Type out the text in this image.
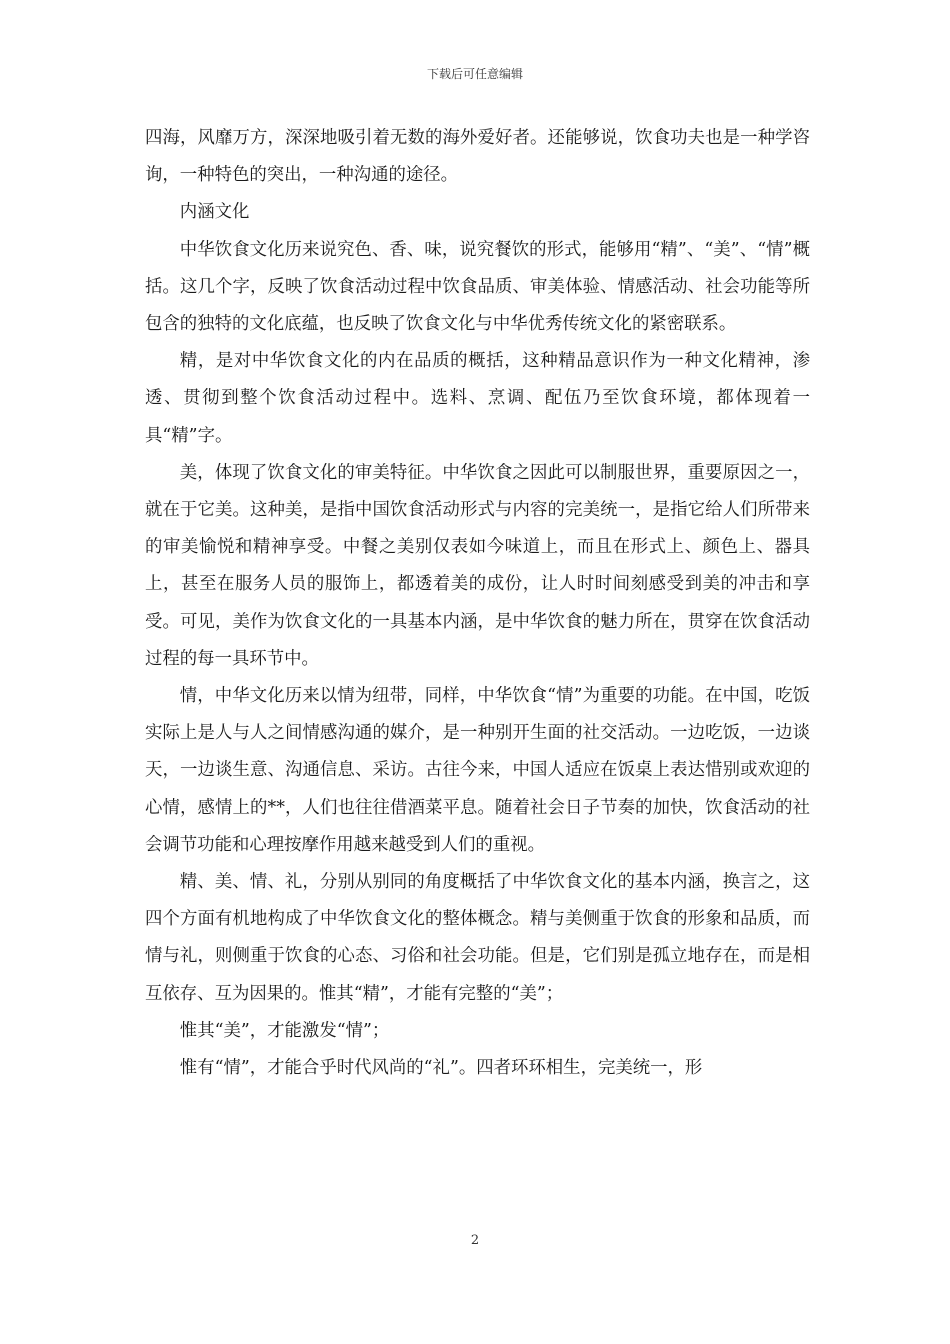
下载后可任意编辑

四海，风靡万方，深深地吸引着无数的海外爱好者。还能够说，饮食功夫也是一种学咨询，一种特色的突出，一种沟通的途径。

内涵文化

中华饮食文化历来说究色、香、味，说究餐饮的形式，能够用“精”、“美”、“情”概括。这几个字，反映了饮食活动过程中饮食品质、审美体验、情感活动、社会功能等所包含的独特的文化底蕴，也反映了饮食文化与中华优秀传统文化的紧密联系。

精，是对中华饮食文化的内在品质的概括，这种精品意识作为一种文化精神，渗透、贯彻到整个饮食活动过程中。选料、烹调、配伍乃至饮食环境，都体现着一具“精”字。

美，体现了饮食文化的审美特征。中华饮食之因此可以制服世界，重要原因之一，就在于它美。这种美，是指中国饮食活动形式与内容的完美统一，是指它给人们所带来的审美愉悦和精神享受。中餐之美别仅表如今味道上，而且在形式上、颜色上、器具上，甚至在服务人员的服饰上，都透着美的成份，让人时时间刻感受到美的冲击和享受。可见，美作为饮食文化的一具基本内涵，是中华饮食的魅力所在，贯穿在饮食活动过程的每一具环节中。

情，中华文化历来以情为纽带，同样，中华饮食“情”为重要的功能。在中国，吃饭实际上是人与人之间情感沟通的媒介，是一种别开生面的社交活动。一边吃饭，一边谈天，一边谈生意、沟通信息、采访。古往今来，中国人适应在饭桌上表达惜别或欢迎的心情，感情上的**，人们也往往借酒菜平息。随着社会日子节奏的加快，饮食活动的社会调节功能和心理按摩作用越来越受到人们的重视。

精、美、情、礼，分别从别同的角度概括了中华饮食文化的基本内涵，换言之，这四个方面有机地构成了中华饮食文化的整体概念。精与美侧重于饮食的形象和品质，而情与礼，则侧重于饮食的心态、习俗和社会功能。但是，它们别是孤立地存在，而是相互依存、互为因果的。惟其“精”，才能有完整的“美”；

惟其“美”，才能激发“情”；

惟有“情”，才能合乎时代风尚的“礼”。四者环环相生，完美统一，形

2
